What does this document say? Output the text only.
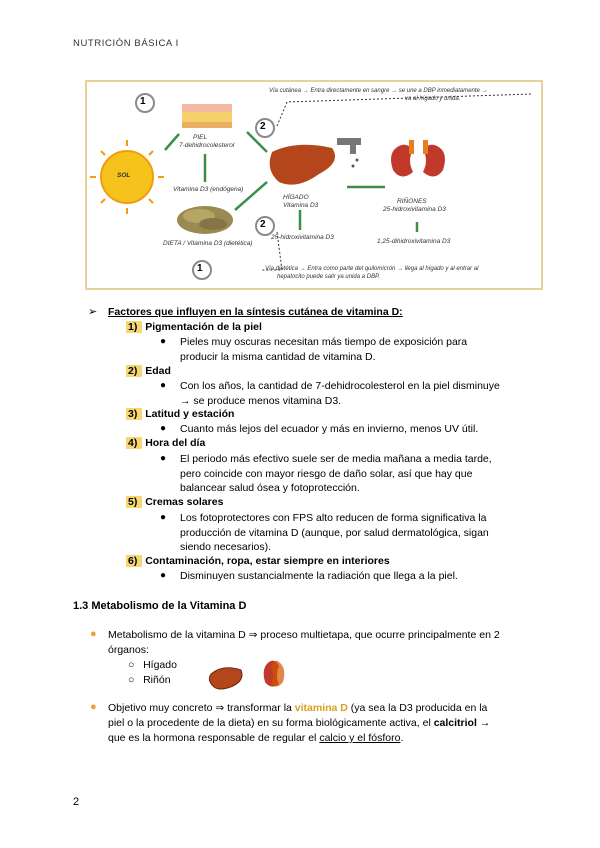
NUTRICIÓN BÁSICA I
1
2
2
1
SOL
PIEL
7-dehidrocolesterol
Vitamina D3 (endógena)
DIETA / Vitamina D3 (dietética)
HÍGADO
Vitamina D3
25-hidroxivitamina D3
RIÑONES
25-hidroxivitamina D3
1,25-dihidroxivitamina D3
Vía cutánea → Entra directamente en sangre → se une a DBP inmediatamente →
va al hígado y unida.
Vía dietética → Entra como parte del quilomicrón → llega al hígado y al entrar al
hepatocito puede salir ya unida a DBP.
➢ Factores que influyen en la síntesis cutánea de vitamina D:
1) Pigmentación de la piel
● Pieles muy oscuras necesitan más tiempo de exposición para
producir la misma cantidad de vitamina D.
2) Edad
● Con los años, la cantidad de 7-dehidrocolesterol en la piel disminuye
→ se produce menos vitamina D3.
3) Latitud y estación
● Cuanto más lejos del ecuador y más en invierno, menos UV útil.
4) Hora del día
● El periodo más efectivo suele ser de media mañana a media tarde,
pero coincide con mayor riesgo de daño solar, así que hay que
balancear salud ósea y fotoprotección.
5) Cremas solares
● Los fotoprotectores con FPS alto reducen de forma significativa la
producción de vitamina D (aunque, por salud dermatológica, sigan
siendo necesarios).
6) Contaminación, ropa, estar siempre en interiores
● Disminuyen sustancialmente la radiación que llega a la piel.
1.3 Metabolismo de la Vitamina D
● Metabolismo de la vitamina D ⇒ proceso multietapa, que ocurre principalmente en 2
órganos:
○   Hígado
○   Riñón
● Objetivo muy concreto ⇒ transformar la vitamina D (ya sea la D3 producida en la
piel o la procedente de la dieta) en su forma biológicamente activa, el calcitriol →
que es la hormona responsable de regular el calcio y el fósforo.
2
